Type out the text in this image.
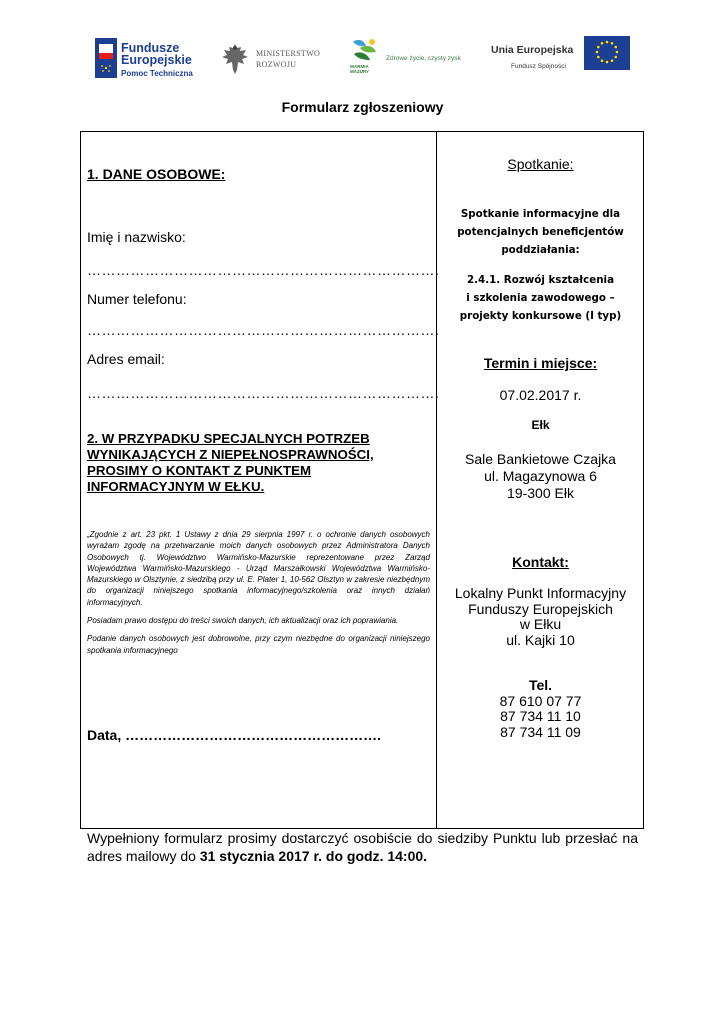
Fundusze
Europejskie
Pomoc Techniczna
MINISTERSTWO
ROZWOJU	WARMIA
MAZURY
Zdrowe życie, czysty zysk
Unia Europejska
Fundusz Spójności
Formularz zgłoszeniowy
1. DANE OSOBOWE:
Imię i nazwisko:
……………………………………………………………….
Numer telefonu:
……………………………………………………………….
Adres email:
……………………………………………………………….
2. W PRZYPADKU SPECJALNYCH POTRZEB WYNIKAJĄCYCH Z NIEPEŁNOSPRAWNOŚCI, PROSIMY O KONTAKT Z PUNKTEM INFORMACYJNYM W EŁKU.

„Zgodnie z art. 23 pkt. 1 Ustawy z dnia 29 sierpnia 1997 r. o ochronie danych osobowych wyrażam zgodę na przetwarzanie moich danych osobowych przez Administratora Danych Osobowych tj. Województwo Warmińsko-Mazurskie reprezentowane przez Zarząd Województwa Warmińsko-Mazurskiego - Urząd Marszałkowski Województwa Warmińsko-Mazurskiego w Olsztynie, z siedzibą przy ul. E. Plater 1, 10-562 Olsztyn w zakresie niezbędnym do organizacji niniejszego spotkania informacyjnego/szkolenia oraz innych działań informacyjnych.

Posiadam prawo dostępu do treści swoich danych, ich aktualizacji oraz ich poprawiania.

Podanie danych osobowych jest dobrowolne, przy czym niezbędne do organizacji niniejszego spotkania informacyjnego

Data, ……………………………………………….
Spotkanie:
Spotkanie informacyjne dla
potencjalnych beneficjentów
poddziałania:
2.4.1. Rozwój kształcenia
i szkolenia zawodowego –
projekty konkursowe (I typ)
Termin i miejsce:
07.02.2017 r.
Ełk
Sale Bankietowe Czajka
ul. Magazynowa 6
19-300 Ełk
Kontakt:
Lokalny Punkt Informacyjny
Funduszy Europejskich
w Ełku
ul. Kajki 10
Tel.
87 610 07 77
87 734 11 10
87 734 11 09
Wypełniony formularz prosimy dostarczyć osobiście do siedziby Punktu lub przesłać na adres mailowy do 31 stycznia 2017 r. do godz. 14:00.
